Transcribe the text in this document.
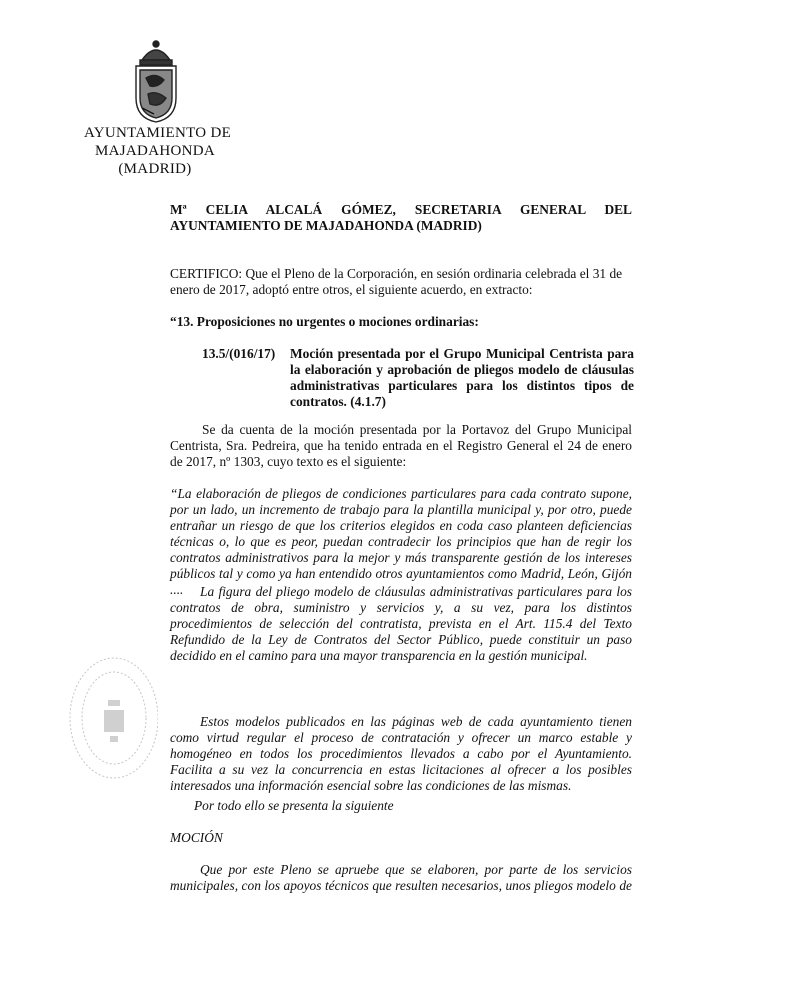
AYUNTAMIENTO DE
MAJADAHONDA
(MADRID)
Mª CELIA ALCALÁ GÓMEZ, SECRETARIA GENERAL DEL
AYUNTAMIENTO DE MAJADAHONDA (MADRID)
CERTIFICO: Que el Pleno de la Corporación, en sesión ordinaria celebrada el 31 de
enero de 2017, adoptó entre otros, el siguiente acuerdo, en extracto:
“13. Proposiciones no urgentes o mociones ordinarias:
13.5/(016/17)	Moción presentada por el Grupo Municipal Centrista para
la elaboración y aprobación de pliegos modelo de cláusulas
administrativas particulares para los distintos tipos de
contratos. (4.1.7)
Se da cuenta de la moción presentada por la Portavoz del Grupo Municipal
Centrista, Sra. Pedreira, que ha tenido entrada en el Registro General el 24 de enero
de 2017, nº 1303, cuyo texto es el siguiente:
“La elaboración de pliegos de condiciones particulares para cada contrato supone,
por un lado, un incremento de trabajo para la plantilla municipal y, por otro, puede
entrañar un riesgo de que los criterios elegidos en coda caso planteen deficiencias
técnicas o, lo que es peor, puedan contradecir los principios que han de regir los
contratos administrativos para la mejor y más transparente gestión de los intereses
públicos tal y como ya han entendido otros ayuntamientos como Madrid, León, Gijón
....	La figura del pliego modelo de cláusulas administrativas particulares para los
contratos de obra, suministro y servicios y, a su vez, para los distintos
procedimientos de selección del contratista, prevista en el Art. 115.4 del Texto
Refundido de la Ley de Contratos del Sector Público, puede constituir un paso
decidido en el camino para una mayor transparencia en la gestión municipal.
Estos modelos publicados en las páginas web de cada ayuntamiento tienen
como virtud regular el proceso de contratación y ofrecer un marco estable y
homogéneo en todos los procedimientos llevados a cabo por el Ayuntamiento.
Facilita a su vez la concurrencia en estas licitaciones al ofrecer a los posibles
interesados una información esencial sobre las condiciones de las mismas.
Por todo ello se presenta la siguiente
MOCIÓN
Que por este Pleno se apruebe que se elaboren, por parte de los servicios
municipales, con los apoyos técnicos que resulten necesarios, unos pliegos modelo de
